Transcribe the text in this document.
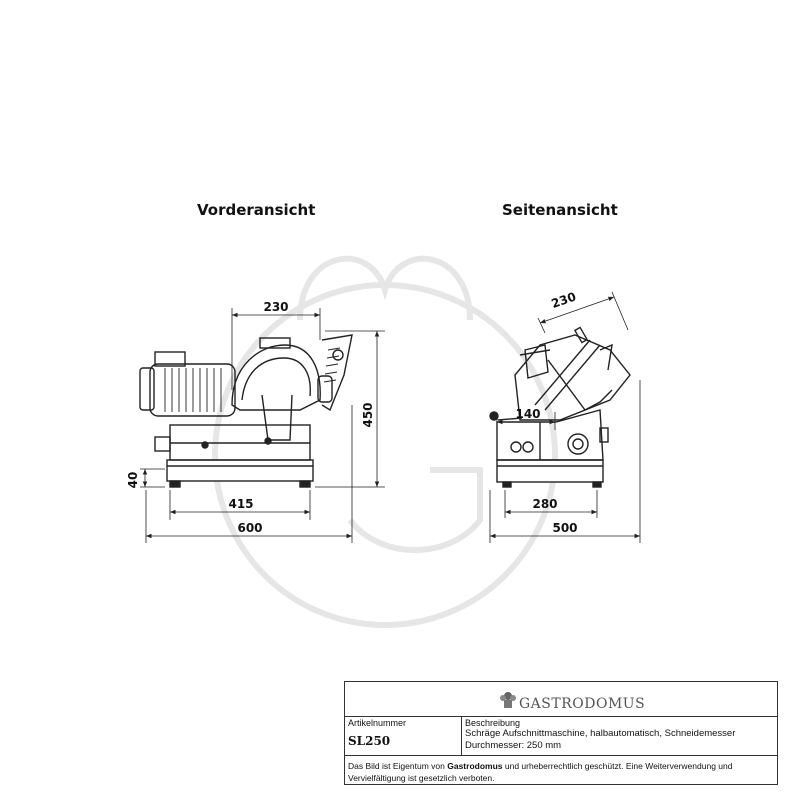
230
450
40
415
600
230
140
280
500
Vorderansicht	Seitenansicht
GASTRODOMUS
Artikelnummer
SL250
Beschreibung
Schräge Aufschnittmaschine, halbautomatisch, Schneidemesser Durchmesser: 250 mm
Das Bild ist Eigentum von Gastrodomus und urheberrechtlich geschützt. Eine Weiterverwendung und Vervielfältigung ist gesetzlich verboten.
